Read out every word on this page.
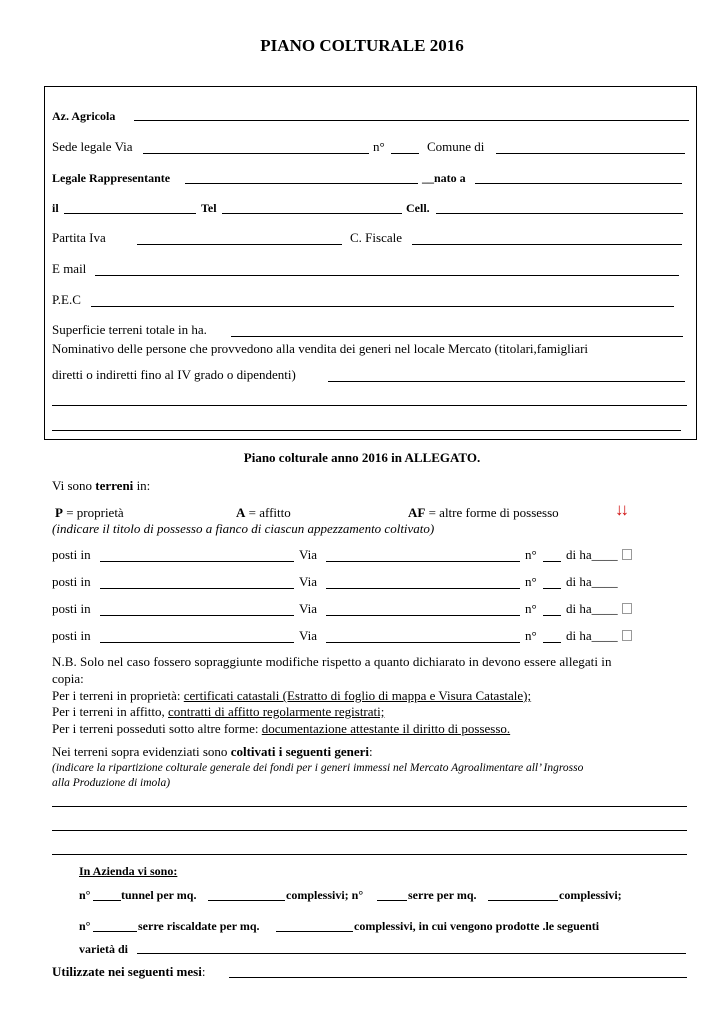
PIANO COLTURALE 2016
Az. Agricola
Sede legale Via	n°	Comune di
Legale Rappresentante	__nato a
il	Tel	Cell.
Partita Iva	C. Fiscale
E mail
P.E.C
Superficie terreni totale in ha.
Nominativo delle persone che provvedono alla vendita dei generi nel locale Mercato (titolari,famigliari
diretti o indiretti fino al IV grado o dipendenti)
Piano colturale anno 2016 in ALLEGATO.
Vi sono terreni in:
P = proprietà	A = affitto	AF = altre forme di possesso	↓↓
(indicare il titolo di possesso a fianco di ciascun appezzamento coltivato)
posti in	Via	n° di ha____
posti in	Via	n° di ha____
posti in	Via	n° di ha____
posti in	Via	n° di ha____
N.B. Solo nel caso fossero sopraggiunte modifiche rispetto a quanto dichiarato in devono essere allegati in
copia:
Per i terreni in proprietà: certificati catastali (Estratto di foglio di mappa e Visura Catastale);
Per i terreni in affitto, contratti di affitto regolarmente registrati;
Per i terreni posseduti sotto altre forme: documentazione attestante il diritto di possesso.
Nei terreni sopra evidenziati sono coltivati i seguenti generi:
(indicare la ripartizione colturale generale dei fondi per i generi immessi nel Mercato Agroalimentare all’ Ingrosso
alla Produzione di imola)
In Azienda vi sono:
n°	tunnel per mq.	complessivi; n°	serre per mq.	complessivi;
n°	serre riscaldate per mq.	complessivi, in cui vengono prodotte .le seguenti
varietà di
Utilizzate nei seguenti mesi:
